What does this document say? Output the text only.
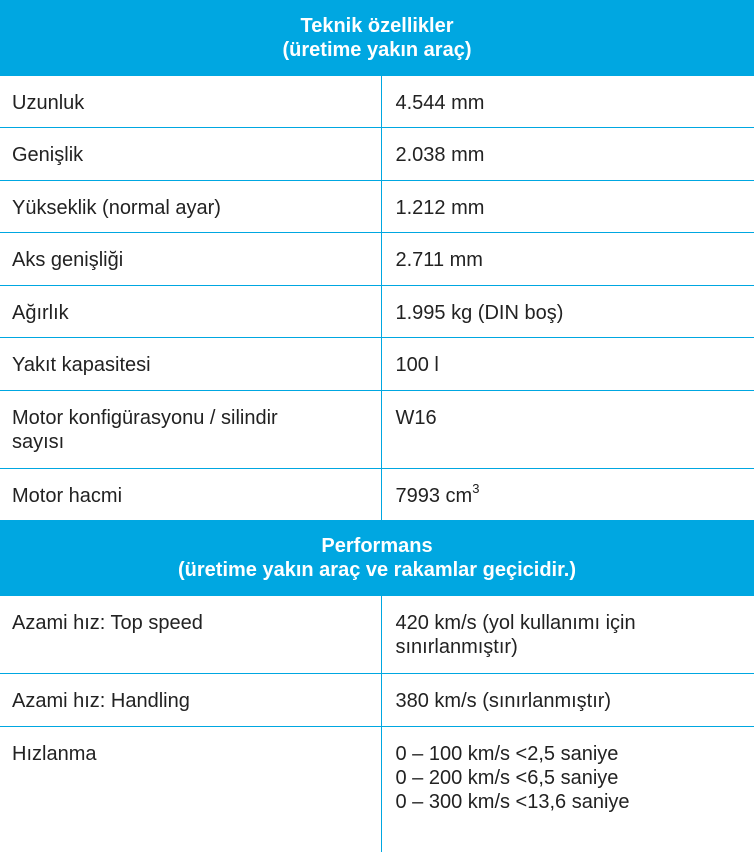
Teknik özellikler
(üretime yakın araç)	

Uzunluk	4.544 mm
Genişlik	2.038 mm
Yükseklik (normal ayar)	1.212 mm
Aks genişliği	2.711 mm
Ağırlık	1.995 kg (DIN boş)
Yakıt kapasitesi	100 l

Motor konfigürasyonu / silindir
sayısı	W16
Motor hacmi	7993 $cm^3$

Performans
(üretime yakın araç ve rakamlar geçicidir.)	

Azami hız: Top speed	420 km/s (yol kullanımı için
sınırlanmıştır)

Azami hız: Handling	380 km/s (sınırlanmıştır)
Hızlanma	0 – 100 km/s <2,5 saniye
0 – 200 km/s <6,5 saniye
0 – 300 km/s <13,6 saniye
